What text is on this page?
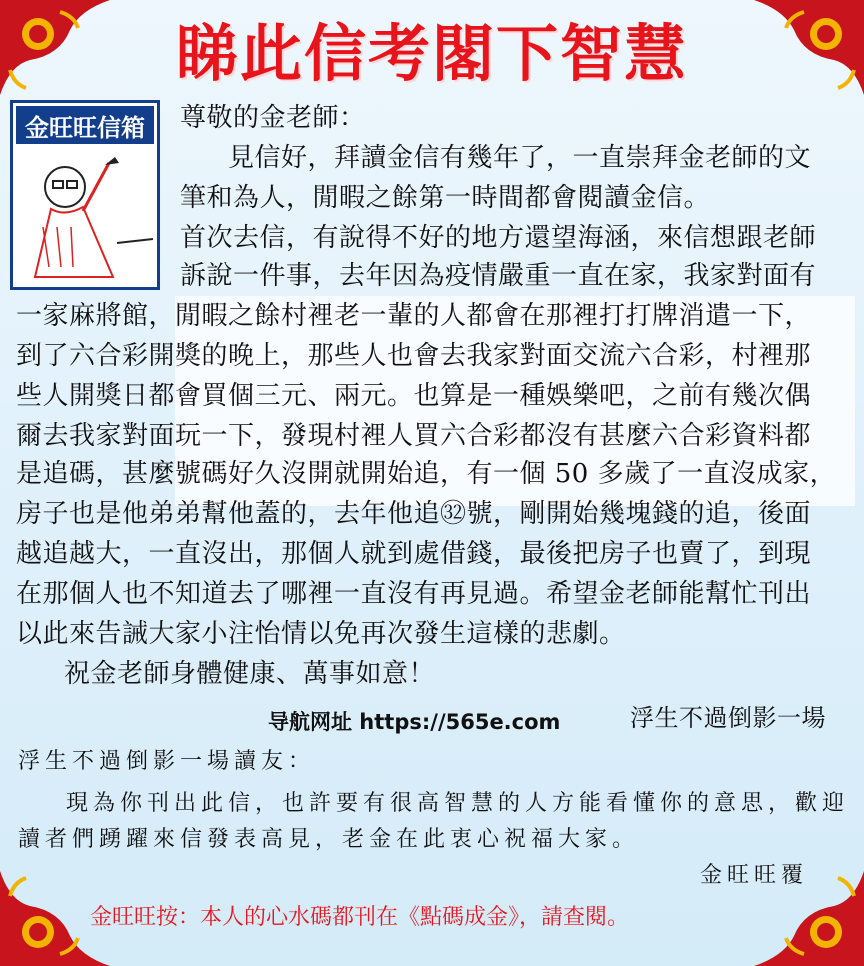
睇此信考閣下智慧
金旺旺信箱	尊敬的金老師：
見信好，拜讀金信有幾年了，一直崇拜金老師的文
筆和為人，閒暇之餘第一時間都會閱讀金信。
首次去信，有說得不好的地方還望海涵，來信想跟老師
訴說一件事，去年因為疫情嚴重一直在家，我家對面有
一家麻將館，閒暇之餘村裡老一輩的人都會在那裡打打牌消遣一下，
到了六合彩開獎的晚上，那些人也會去我家對面交流六合彩，村裡那
些人開獎日都會買個三元、兩元。也算是一種娛樂吧，之前有幾次偶
爾去我家對面玩一下，發現村裡人買六合彩都沒有甚麼六合彩資料都
是追碼，甚麼號碼好久沒開就開始追，有一個 50 多歲了一直沒成家，
房子也是他弟弟幫他蓋的，去年他追㉜號，剛開始幾塊錢的追，後面
越追越大，一直沒出，那個人就到處借錢，最後把房子也賣了，到現
在那個人也不知道去了哪裡一直沒有再見過。希望金老師能幫忙刊出
以此來告誡大家小注怡情以免再次發生這樣的悲劇。
祝金老師身體健康、萬事如意！
浮生不過倒影一場
导航网址 https://565e.com
浮生不過倒影一場讀友：
現為你刊出此信，也許要有很高智慧的人方能看懂你的意思，歡迎
讀者們踴躍來信發表高見，老金在此衷心祝福大家。
金旺旺覆
金旺旺按：本人的心水碼都刊在《點碼成金》，請查閱。
